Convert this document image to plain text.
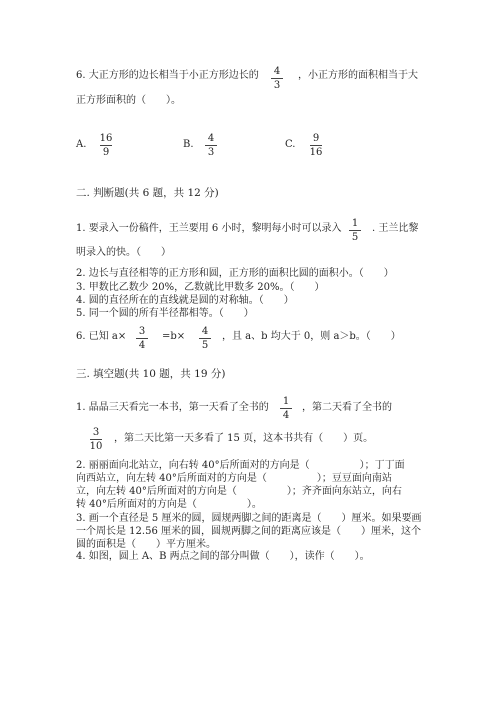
6. 大正方形的边长相当于小正方形边长的	4
3
，小正方形的面积相当于大
正方形面积的（　　）。
A.
16
9
B.
4
3
C.
9
16
二. 判断题(共 6 题，共 12 分)
1. 要录入一份稿件，王兰要用 6 小时，黎明每小时可以录入	1
5
. 王兰比黎
明录入的快。（　　）
2. 边长与直径相等的正方形和圆，正方形的面积比圆的面积小。（　　）
3. 甲数比乙数少 20%，乙数就比甲数多 20%。（　　）
4. 圆的直径所在的直线就是圆的对称轴。（　　）
5. 同一个圆的所有半径都相等。（　　）
6. 已知 a×	3
4
=b×	4
5
，且 a、b 均大于 0，则 a＞b。（　　）
三. 填空题(共 10 题，共 19 分)
1. 晶晶三天看完一本书，第一天看了全书的
1
4
，第二天看了全书的
3
10
，第二天比第一天多看了 15 页，这本书共有（　　）页。
2. 丽丽面向北站立，向右转 40°后所面对的方向是（　　　　　）；丁丁面
向西站立，向左转 40°后所面对的方向是（　　　　　）；豆豆面向南站
立，向左转 40°后所面对的方向是（　　　　　）；齐齐面向东站立，向右
转 40°后所面对的方向是（　　　　　）。
3. 画一个直径是 5 厘米的圆，圆规两脚之间的距离是（　　）厘米。如果要画
一个周长是 12.56 厘米的圆，圆规两脚之间的距离应该是（　　）厘米，这个
圆的面积是（　　）平方厘米。
4. 如图，圆上 A、B 两点之间的部分叫做（　　），读作（　　）。
